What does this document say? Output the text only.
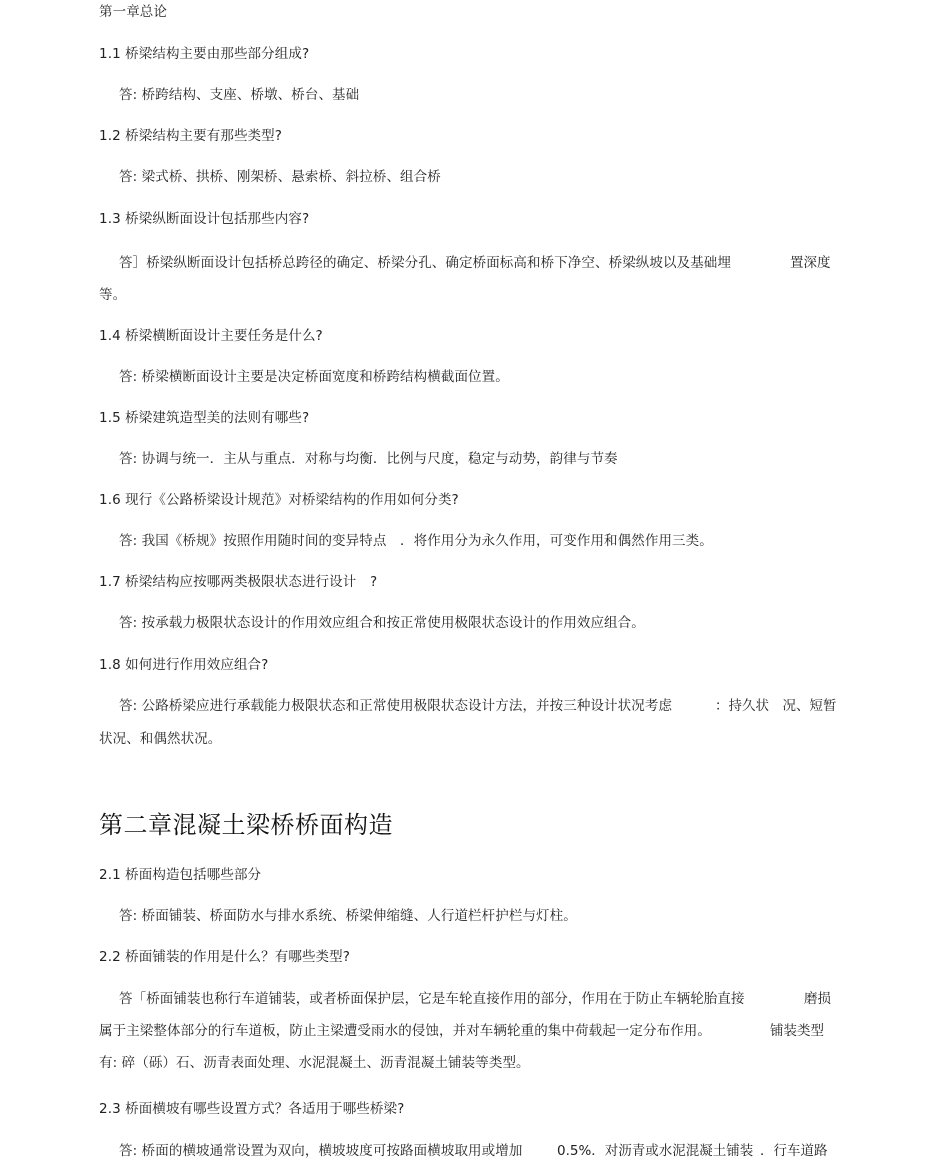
第一章总论
1.1 桥梁结构主要由那些部分组成?
答: 桥跨结构、支座、桥墩、桥台、基础
1.2 桥梁结构主要有那些类型?
答: 梁式桥、拱桥、刚架桥、悬索桥、斜拉桥、组合桥
1.3 桥梁纵断面设计包括那些内容?
答］桥梁纵断面设计包括桥总跨径的确定、桥梁分孔、确定桥面标高和桥下净空、桥梁纵坡以及基础埋	置深度
等。
1.4 桥梁横断面设计主要任务是什么?
答: 桥梁横断面设计主要是决定桥面宽度和桥跨结构横截面位置。
1.5 桥梁建筑造型美的法则有哪些?
答: 协调与统一．主从与重点．对称与均衡．比例与尺度，稳定与动势，韵律与节奏
1.6 现行《公路桥梁设计规范》对桥梁结构的作用如何分类?
答: 我国《桥规》按照作用随时间的变异特点　．将作用分为永久作用，可变作用和偶然作用三类。
1.7 桥梁结构应按哪两类极限状态进行设计　?
答: 按承载力极限状态设计的作用效应组合和按正常使用极限状态设计的作用效应组合。
1.8 如何进行作用效应组合?
答: 公路桥梁应进行承载能力极限状态和正常使用极限状态设计方法，并按三种设计状况考虑	：持久状　况、短暂
状况、和偶然状况。
第二章混凝土梁桥桥面构造
2.1 桥面构造包括哪些部分
答: 桥面铺装、桥面防水与排水系统、桥梁伸缩缝、人行道栏杆护栏与灯柱。
2.2 桥面铺装的作用是什么？有哪些类型?
答「桥面铺装也称行车道铺装，或者桥面保护层，它是车轮直接作用的部分，作用在于防止车辆轮胎直接	磨损
属于主梁整体部分的行车道板，防止主梁遭受雨水的侵蚀，并对车辆轮重的集中荷载起一定分布作用。	铺装类型
有: 碎（砾）石、沥青表面处理、水泥混凝土、沥青混凝土铺装等类型。
2.3 桥面横坡有哪些设置方式？各适用于哪些桥梁?
答: 桥面的横坡通常设置为双向，横坡坡度可按路面横坡取用或增加	0.5%．对沥青或水泥混凝土铺装 ．行车道路
